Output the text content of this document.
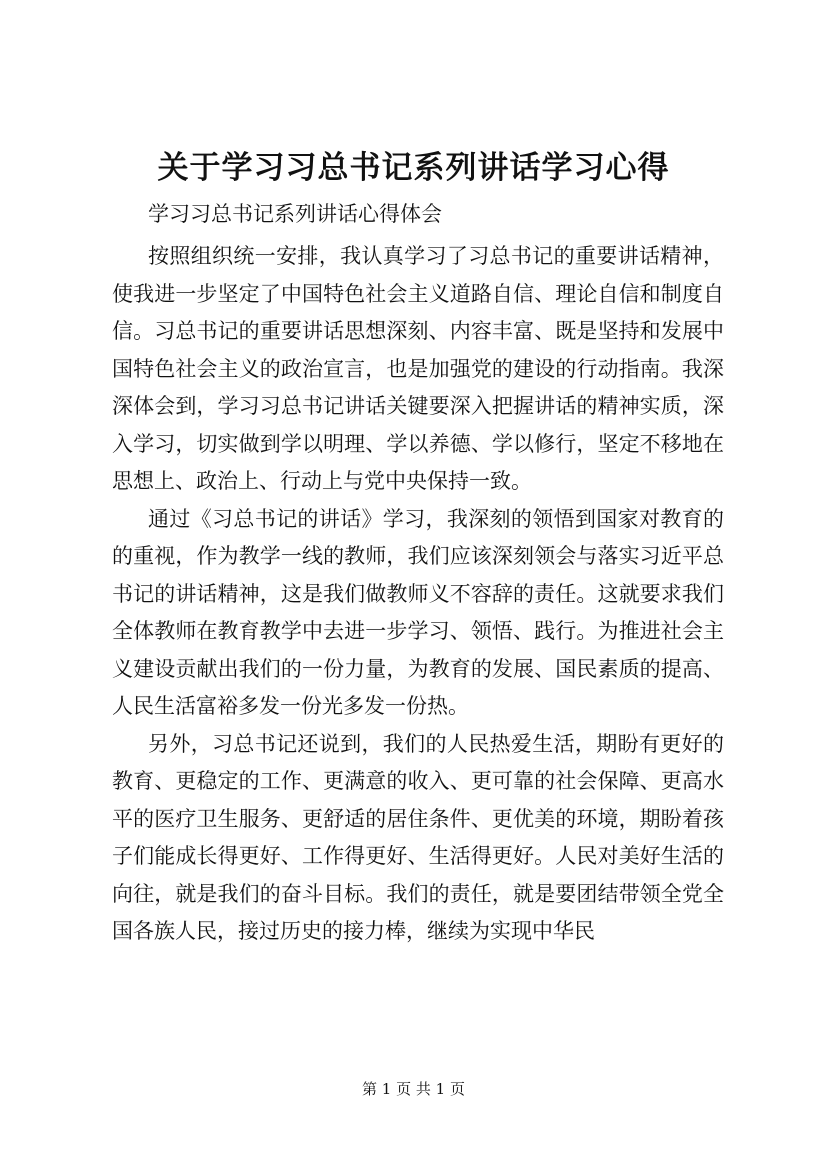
关于学习习总书记系列讲话学习心得
学习习总书记系列讲话心得体会

按照组织统一安排，我认真学习了习总书记的重要讲话精神，使我进一步坚定了中国特色社会主义道路自信、理论自信和制度自信。习总书记的重要讲话思想深刻、内容丰富、既是坚持和发展中国特色社会主义的政治宣言，也是加强党的建设的行动指南。我深深体会到，学习习总书记讲话关键要深入把握讲话的精神实质，深入学习，切实做到学以明理、学以养德、学以修行，坚定不移地在思想上、政治上、行动上与党中央保持一致。

通过《习总书记的讲话》学习，我深刻的领悟到国家对教育的的重视，作为教学一线的教师，我们应该深刻领会与落实习近平总书记的讲话精神，这是我们做教师义不容辞的责任。这就要求我们全体教师在教育教学中去进一步学习、领悟、践行。为推进社会主义建设贡献出我们的一份力量，为教育的发展、国民素质的提高、人民生活富裕多发一份光多发一份热。

另外，习总书记还说到，我们的人民热爱生活，期盼有更好的教育、更稳定的工作、更满意的收入、更可靠的社会保障、更高水平的医疗卫生服务、更舒适的居住条件、更优美的环境，期盼着孩子们能成长得更好、工作得更好、生活得更好。人民对美好生活的向往，就是我们的奋斗目标。我们的责任，就是要团结带领全党全国各族人民，接过历史的接力棒，继续为实现中华民

第 1 页 共 1 页
